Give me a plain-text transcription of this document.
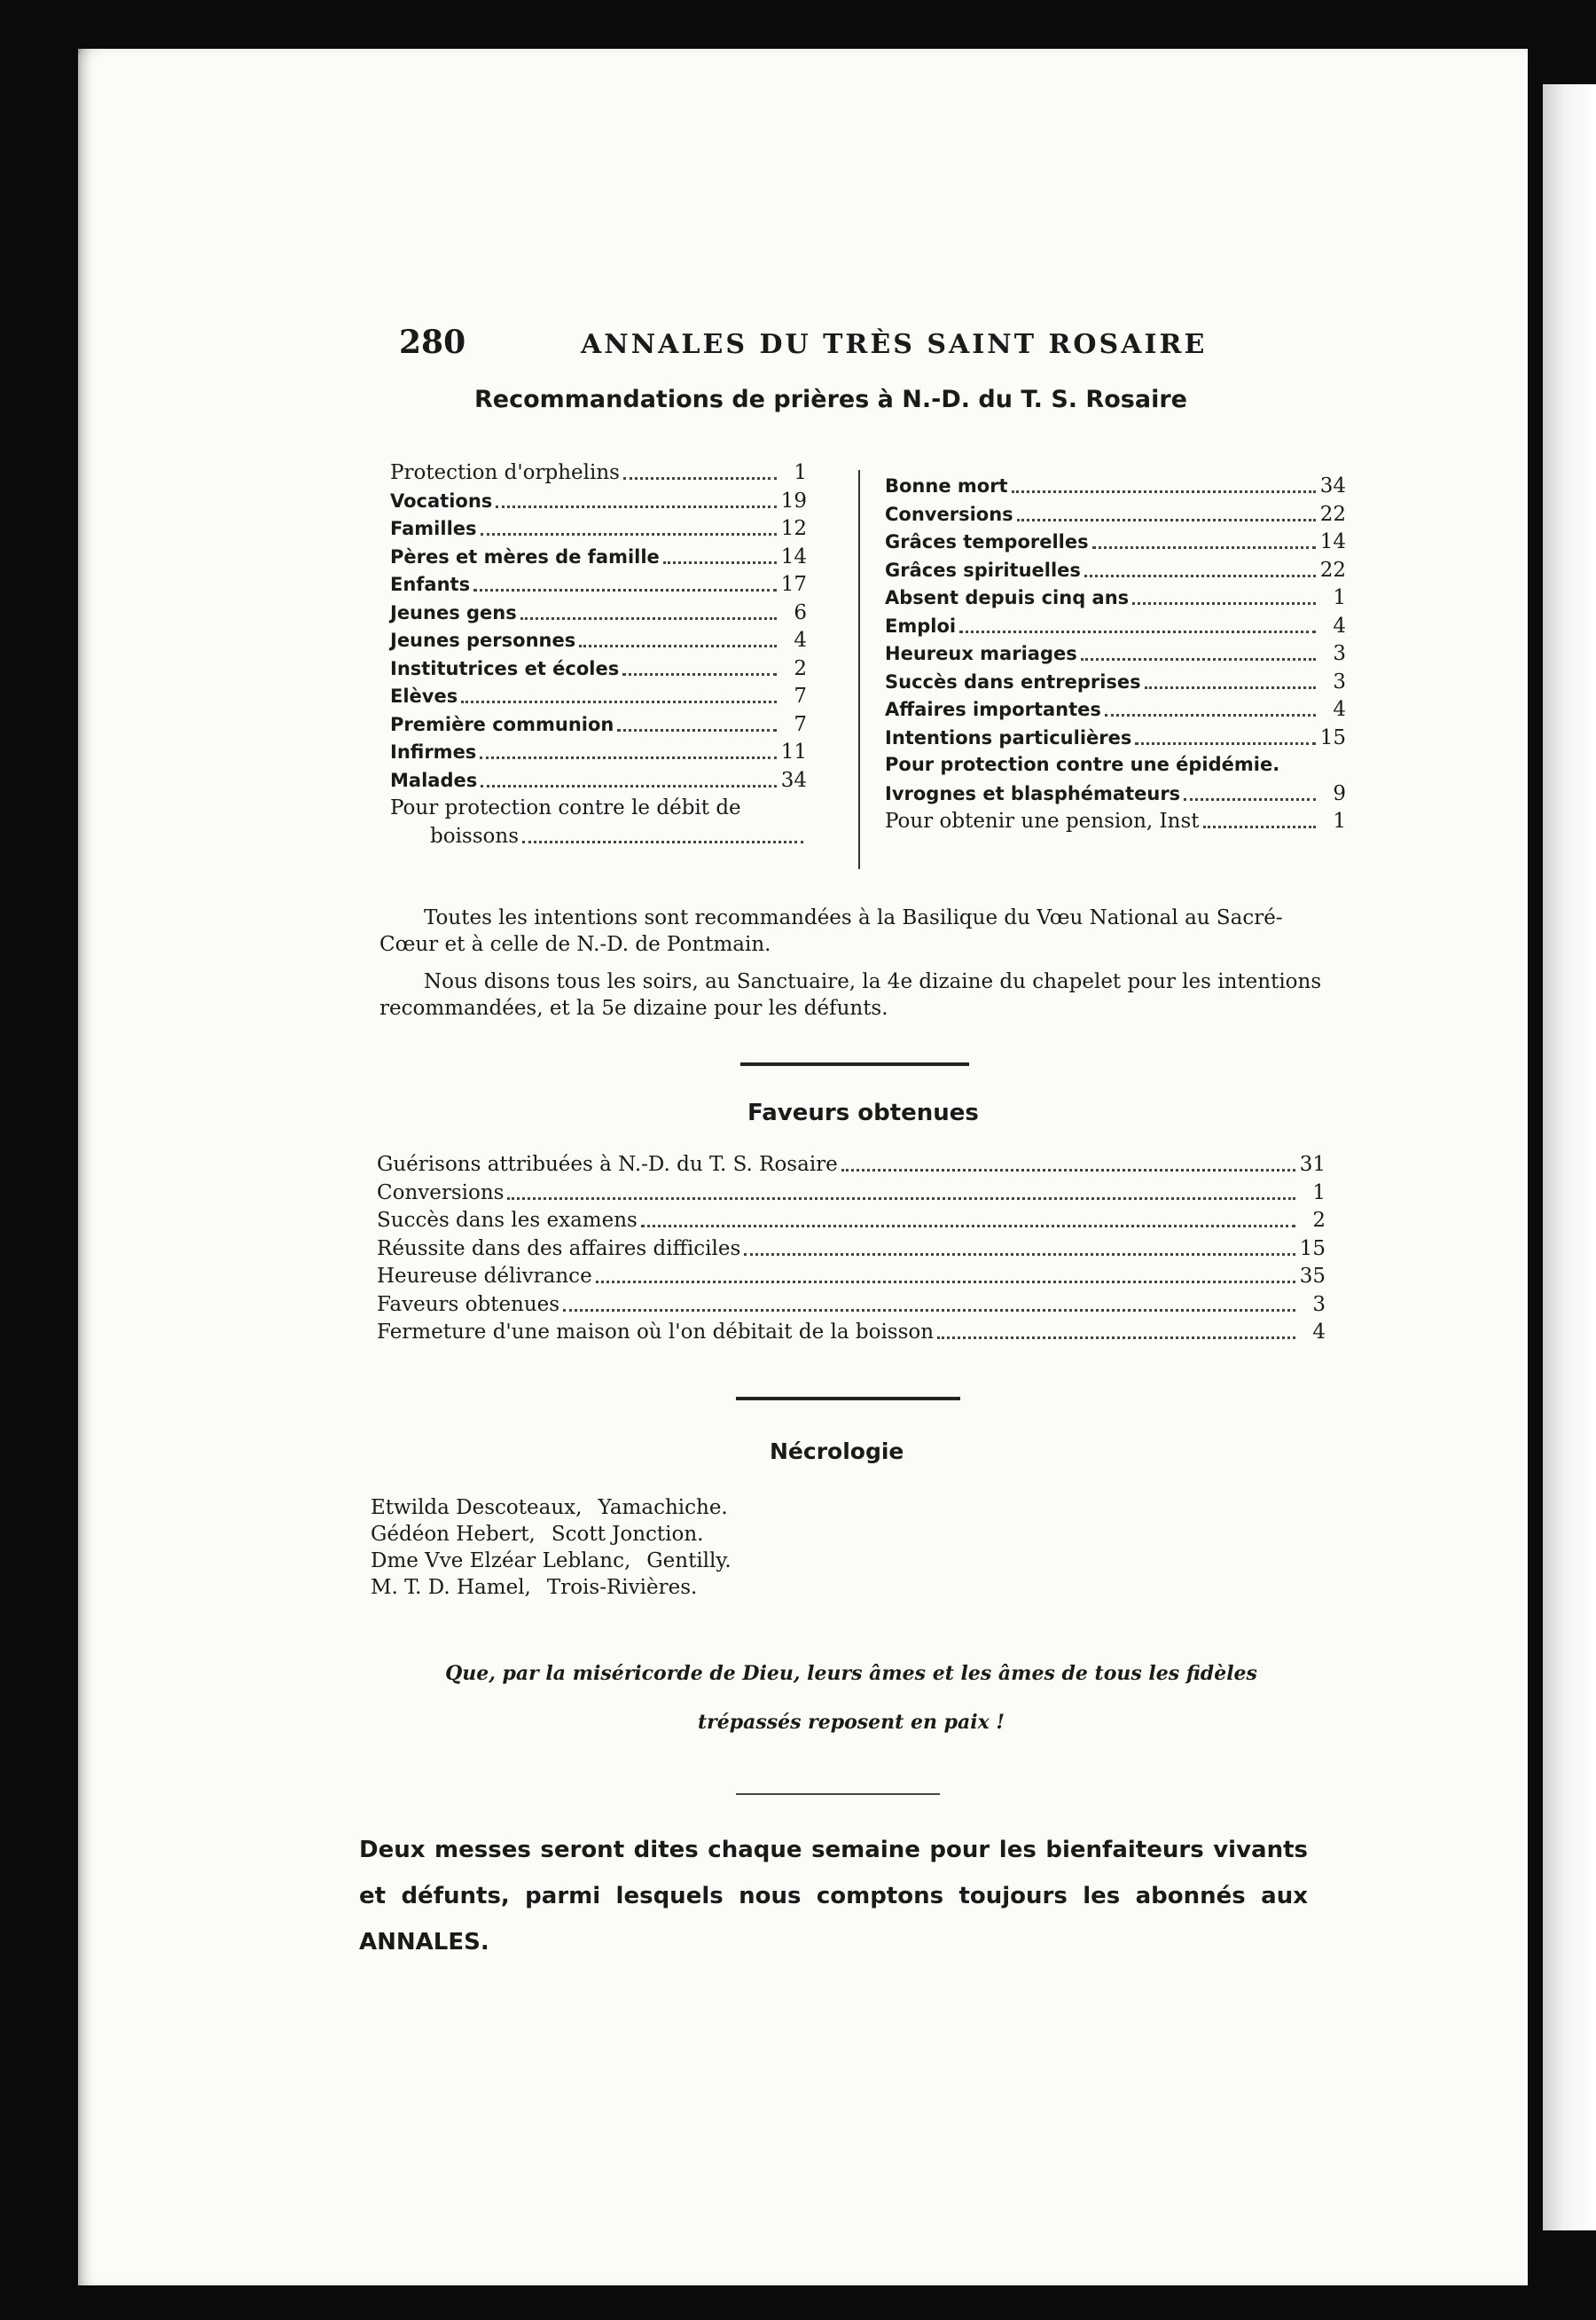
280	ANNALES DU TRÈS SAINT ROSAIRE
Recommandations de prières à N.-D. du T. S. Rosaire
Protection d'orphelins	1
Vocations	19
Familles	12
Pères et mères de famille	14
Enfants	17
Jeunes gens	6
Jeunes personnes	4
Institutrices et écoles	2
Elèves	7
Première communion	7
Infirmes	11
Malades	34
Pour protection contre le débit de
boissons
Bonne mort	34
Conversions	22
Grâces temporelles	14
Grâces spirituelles	22
Absent depuis cinq ans	1
Emploi	4
Heureux mariages	3
Succès dans entreprises	3
Affaires importantes	4
Intentions particulières	15
Pour protection contre une épidémie.
Ivrognes et blasphémateurs	9
Pour obtenir une pension, Inst	1

Toutes les intentions sont recommandées à la Basilique du Vœu National au Sacré-Cœur et à celle de N.-D. de Pontmain.

Nous disons tous les soirs, au Sanctuaire, la 4e dizaine du chapelet pour les intentions recommandées, et la 5e dizaine pour les défunts.

Faveurs obtenues
Guérisons attribuées à N.-D. du T. S. Rosaire	31
Conversions	1
Succès dans les examens	2
Réussite dans des affaires difficiles	15
Heureuse délivrance	35
Faveurs obtenues	3
Fermeture d'une maison où l'on débitait de la boisson	4
Nécrologie
Etwilda Descoteaux, Yamachiche.
Gédéon Hebert, Scott Jonction.
Dme Vve Elzéar Leblanc, Gentilly.
M. T. D. Hamel, Trois-Rivières.
Que, par la miséricorde de Dieu, leurs âmes et les âmes de tous les fidèles
trépassés reposent en paix !
Deux messes seront dites chaque semaine pour les bienfaiteurs vivants et défunts, parmi lesquels nous comptons toujours les abonnés aux ANNALES.
